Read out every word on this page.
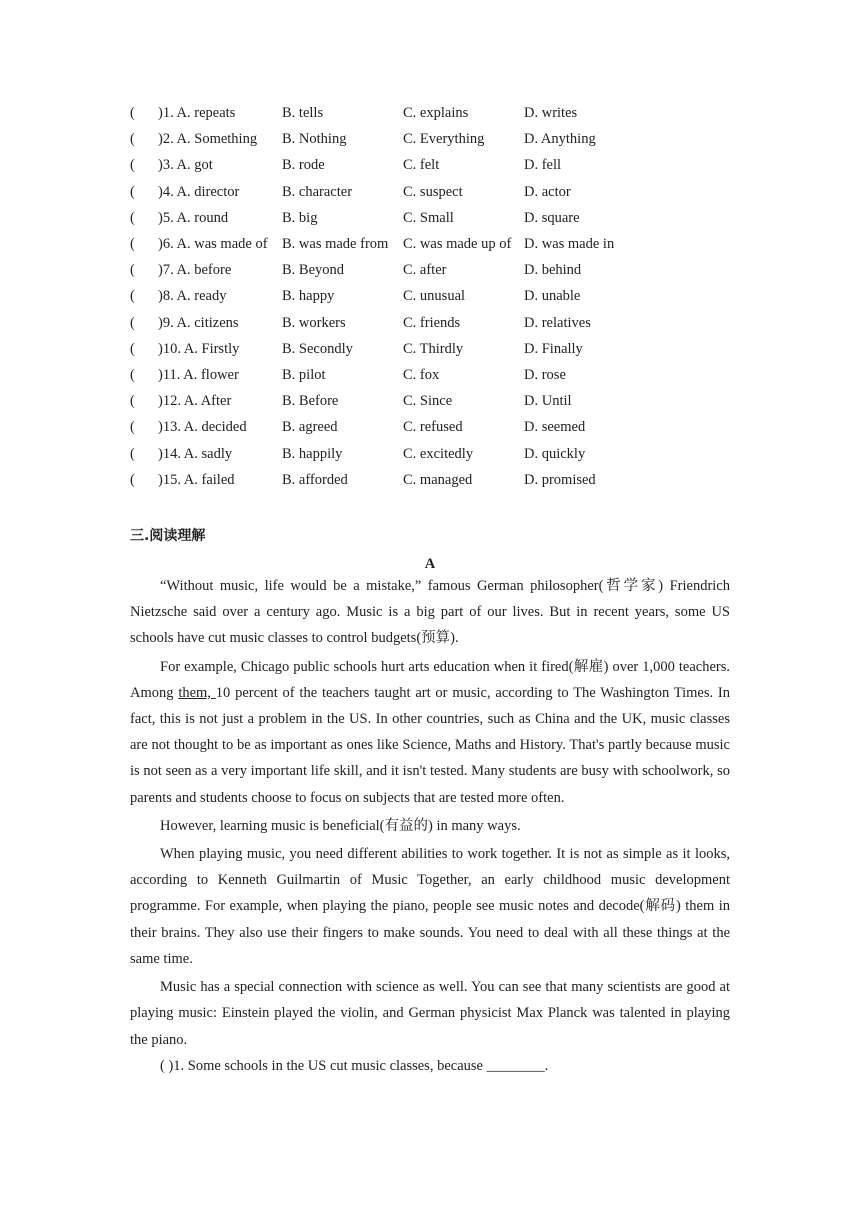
(	)1. A. repeats	B. tells	C. explains	D. writes
(	)2. A. Something	B. Nothing	C. Everything	D. Anything
(	)3. A. got	B. rode	C. felt	D. fell
(	)4. A. director	B. character	C. suspect	D. actor
(	)5. A. round	B. big	C. Small	D. square
(	)6. A. was made of	B. was made from	C. was made up of	D. was made in
(	)7. A. before	B. Beyond	C. after	D. behind
(	)8. A. ready	B. happy	C. unusual	D. unable
(	)9. A. citizens	B. workers	C. friends	D. relatives
(	)10. A. Firstly	B. Secondly	C. Thirdly	D. Finally
(	)11. A. flower	B. pilot	C. fox	D. rose
(	)12. A. After	B. Before	C. Since	D. Until
(	)13. A. decided	B. agreed	C. refused	D. seemed
(	)14. A. sadly	B. happily	C. excitedly	D. quickly
(	)15. A. failed	B. afforded	C. managed	D. promised
三.阅读理解
A

“Without music, life would be a mistake,” famous German philosopher(哲学家) Friendrich Nietzsche said over a century ago. Music is a big part of our lives. But in recent years, some US schools have cut music classes to control budgets(预算).

For example, Chicago public schools hurt arts education when it fired(解雇) over 1,000 teachers. Among them, 10 percent of the teachers taught art or music, according to The Washington Times. In fact, this is not just a problem in the US. In other countries, such as China and the UK, music classes are not thought to be as important as ones like Science, Maths and History. That's partly because music is not seen as a very important life skill, and it isn't tested. Many students are busy with schoolwork, so parents and students choose to focus on subjects that are tested more often.

However, learning music is beneficial(有益的) in many ways.

When playing music, you need different abilities to work together. It is not as simple as it looks, according to Kenneth Guilmartin of Music Together, an early childhood music development programme. For example, when playing the piano, people see music notes and decode(解码) them in their brains. They also use their fingers to make sounds. You need to deal with all these things at the same time.

Music has a special connection with science as well. You can see that many scientists are good at playing music: Einstein played the violin, and German physicist Max Planck was talented in playing the piano.

( )1. Some schools in the US cut music classes, because ________.
